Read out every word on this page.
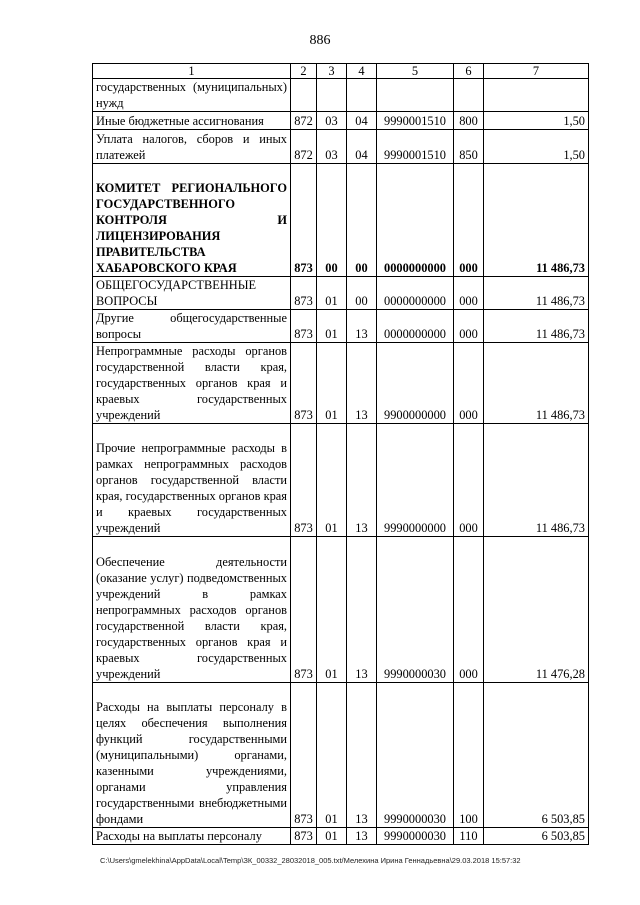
886
1	2	3	4	5	6	7
государственных (муниципальных) нужд						
Иные бюджетные ассигнования	872	03	04	9990001510	800	1,50
Уплата налогов, сборов и иных платежей	872	03	04	9990001510	850	1,50
КОМИТЕТ РЕГИОНАЛЬНОГО ГОСУДАРСТВЕННОГО КОНТРОЛЯ И ЛИЦЕНЗИРОВАНИЯ ПРАВИТЕЛЬСТВА ХАБАРОВСКОГО КРАЯ	873	00	00	0000000000	000	11 486,73
ОБЩЕГОСУДАРСТВЕННЫЕ ВОПРОСЫ	873	01	00	0000000000	000	11 486,73
Другие общегосударственные вопросы	873	01	13	0000000000	000	11 486,73
Непрограммные расходы органов государственной власти края, государственных органов края и краевых государственных учреждений	873	01	13	9900000000	000	11 486,73
Прочие непрограммные расходы в рамках непрограммных расходов органов государственной власти края, государственных органов края и краевых государственных учреждений	873	01	13	9990000000	000	11 486,73
Обеспечение деятельности (оказание услуг) подведомственных учреждений в рамках непрограммных расходов органов государственной власти края, государственных органов края и краевых государственных учреждений	873	01	13	9990000030	000	11 476,28
Расходы на выплаты персоналу в целях обеспечения выполнения функций государственными (муниципальными) органами, казенными учреждениями, органами управления государственными внебюджетными фондами	873	01	13	9990000030	100	6 503,85
Расходы на выплаты персоналу	873	01	13	9990000030	110	6 503,85
C:\Users\gmelekhina\AppData\Local\Temp\ЗК_00332_28032018_005.txt/Мелехина Ирина Геннадьевна\29.03.2018 15:57:32
